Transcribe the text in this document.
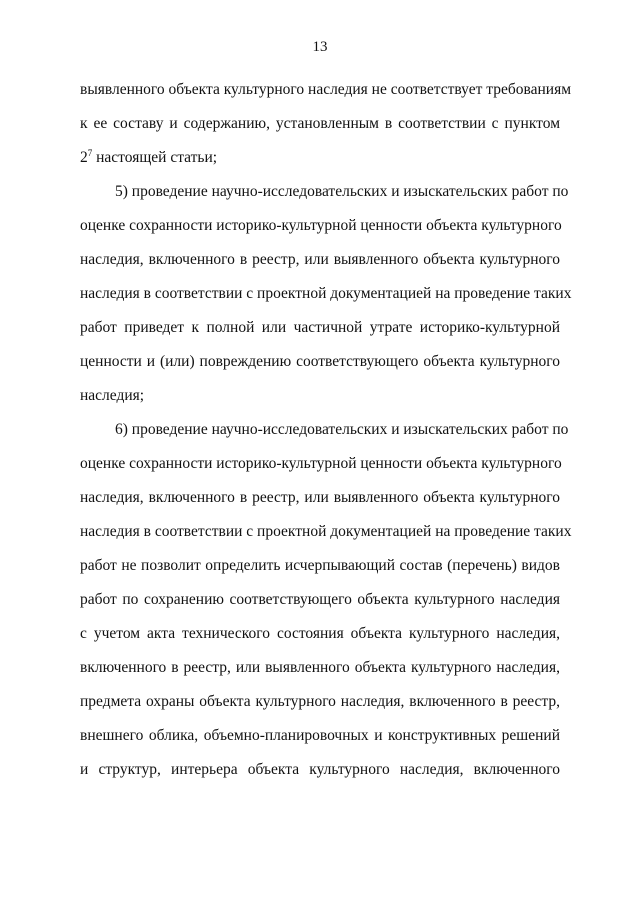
13
выявленного объекта культурного наследия не соответствует требованиям
к ее составу и содержанию, установленным в соответствии с пунктом
$2^7$ настоящей статьи;
5) проведение научно-исследовательских и изыскательских работ по
оценке сохранности историко-культурной ценности объекта культурного
наследия, включенного в реестр, или выявленного объекта культурного
наследия в соответствии с проектной документацией на проведение таких
работ приведет к полной или частичной утрате историко-культурной
ценности и (или) повреждению соответствующего объекта культурного
наследия;
6) проведение научно-исследовательских и изыскательских работ по
оценке сохранности историко-культурной ценности объекта культурного
наследия, включенного в реестр, или выявленного объекта культурного
наследия в соответствии с проектной документацией на проведение таких
работ не позволит определить исчерпывающий состав (перечень) видов
работ по сохранению соответствующего объекта культурного наследия
с учетом акта технического состояния объекта культурного наследия,
включенного в реестр, или выявленного объекта культурного наследия,
предмета охраны объекта культурного наследия, включенного в реестр,
внешнего облика, объемно-планировочных и конструктивных решений
и структур, интерьера объекта культурного наследия, включенного
